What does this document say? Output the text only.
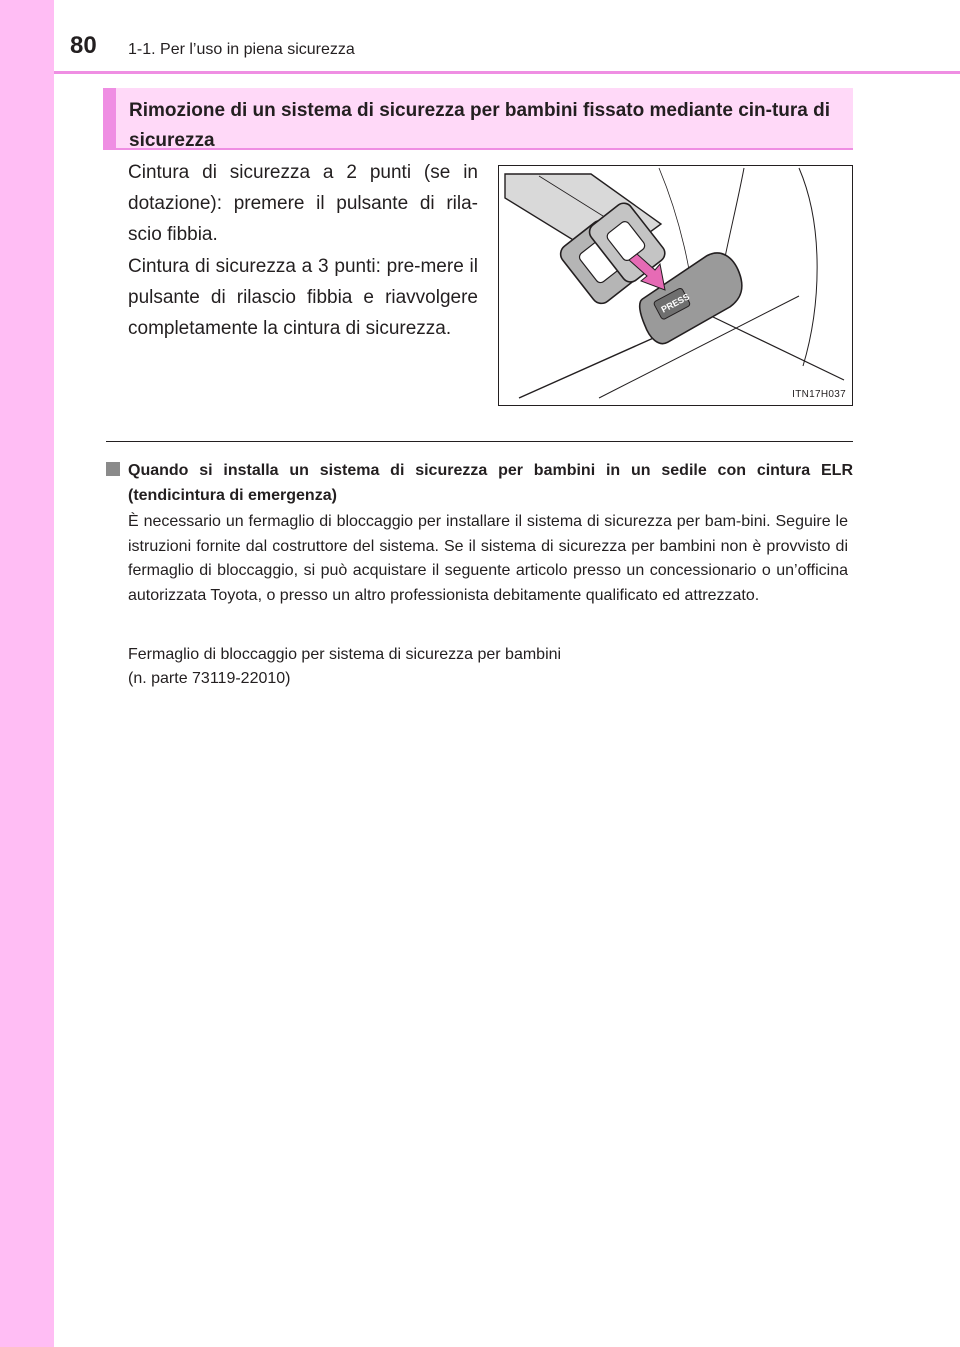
80 1-1. Per l’uso in piena sicurezza
Rimozione di un sistema di sicurezza per bambini fissato mediante cin-tura di sicurezza

Cintura di sicurezza a 2 punti (se in dotazione): premere il pulsante di rila-scio fibbia.

Cintura di sicurezza a 3 punti: pre-mere il pulsante di rilascio fibbia e riavvolgere completamente la cintura di sicurezza.

PRESS
ITN17H037
Quando si installa un sistema di sicurezza per bambini in un sedile con cintura ELR (tendicintura di emergenza)

È necessario un fermaglio di bloccaggio per installare il sistema di sicurezza per bam-bini. Seguire le istruzioni fornite dal costruttore del sistema. Se il sistema di sicurezza per bambini non è provvisto di fermaglio di bloccaggio, si può acquistare il seguente articolo presso un concessionario o un’officina autorizzata Toyota, o presso un altro professionista debitamente qualificato ed attrezzato.

Fermaglio di bloccaggio per sistema di sicurezza per bambini

(n. parte 73119-22010)
